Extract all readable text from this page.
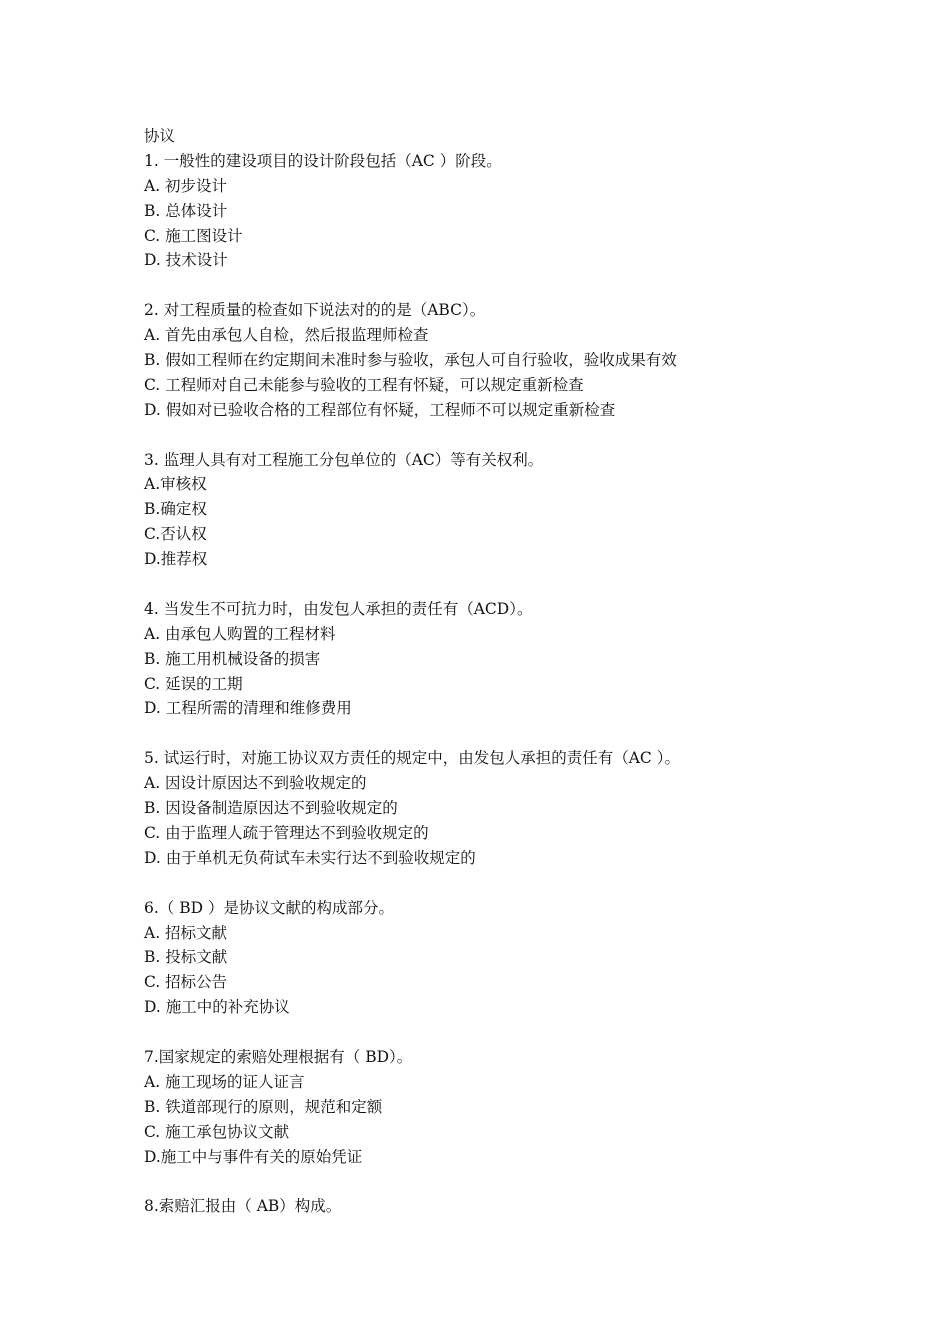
协议
1. 一般性的建设项目的设计阶段包括（AC ）阶段。
A. 初步设计
B. 总体设计
C. 施工图设计
D. 技术设计
2. 对工程质量的检查如下说法对的的是（ABC）。
A. 首先由承包人自检，然后报监理师检查
B. 假如工程师在约定期间未准时参与验收，承包人可自行验收，验收成果有效
C. 工程师对自己未能参与验收的工程有怀疑，可以规定重新检查
D. 假如对已验收合格的工程部位有怀疑，工程师不可以规定重新检查
3. 监理人具有对工程施工分包单位的（AC）等有关权利。
A.审核权
B.确定权
C.否认权
D.推荐权
4. 当发生不可抗力时，由发包人承担的责任有（ACD）。
A. 由承包人购置的工程材料
B. 施工用机械设备的损害
C. 延误的工期
D. 工程所需的清理和维修费用
5. 试运行时，对施工协议双方责任的规定中，由发包人承担的责任有（AC ）。
A. 因设计原因达不到验收规定的
B. 因设备制造原因达不到验收规定的
C. 由于监理人疏于管理达不到验收规定的
D. 由于单机无负荷试车未实行达不到验收规定的
6.（ BD ）是协议文献的构成部分。
A. 招标文献
B. 投标文献
C. 招标公告
D. 施工中的补充协议
7.国家规定的索赔处理根据有（ BD）。
A. 施工现场的证人证言
B. 铁道部现行的原则，规范和定额
C. 施工承包协议文献
D.施工中与事件有关的原始凭证
8.索赔汇报由（ AB）构成。
